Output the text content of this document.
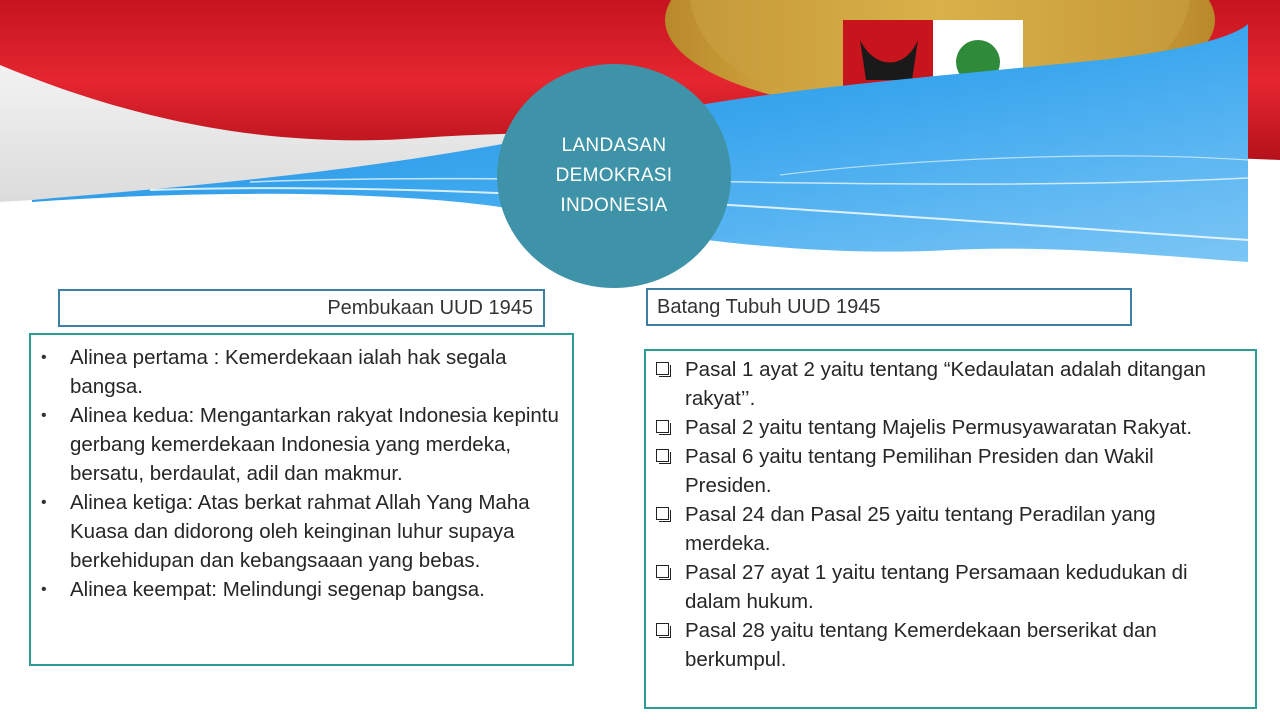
LANDASAN
DEMOKRASI
INDONESIA
Pembukaan UUD 1945	Batang Tubuh UUD 1945
• Alinea pertama : Kemerdekaan ialah hak segala bangsa.
• Alinea kedua: Mengantarkan rakyat Indonesia kepintu gerbang kemerdekaan Indonesia yang merdeka, bersatu, berdaulat, adil dan makmur.
• Alinea ketiga: Atas berkat rahmat Allah Yang Maha Kuasa dan didorong oleh keinginan luhur supaya berkehidupan dan kebangsaaan yang bebas.
• Alinea keempat: Melindungi segenap bangsa.
Pasal 1 ayat 2 yaitu tentang “Kedaulatan adalah ditangan rakyat’’.
Pasal 2 yaitu tentang Majelis Permusyawaratan Rakyat.
Pasal 6 yaitu tentang Pemilihan Presiden dan Wakil Presiden.
Pasal 24 dan Pasal 25 yaitu tentang Peradilan yang merdeka.
Pasal 27 ayat 1 yaitu tentang Persamaan kedudukan di dalam hukum.
Pasal 28 yaitu tentang Kemerdekaan berserikat dan berkumpul.
